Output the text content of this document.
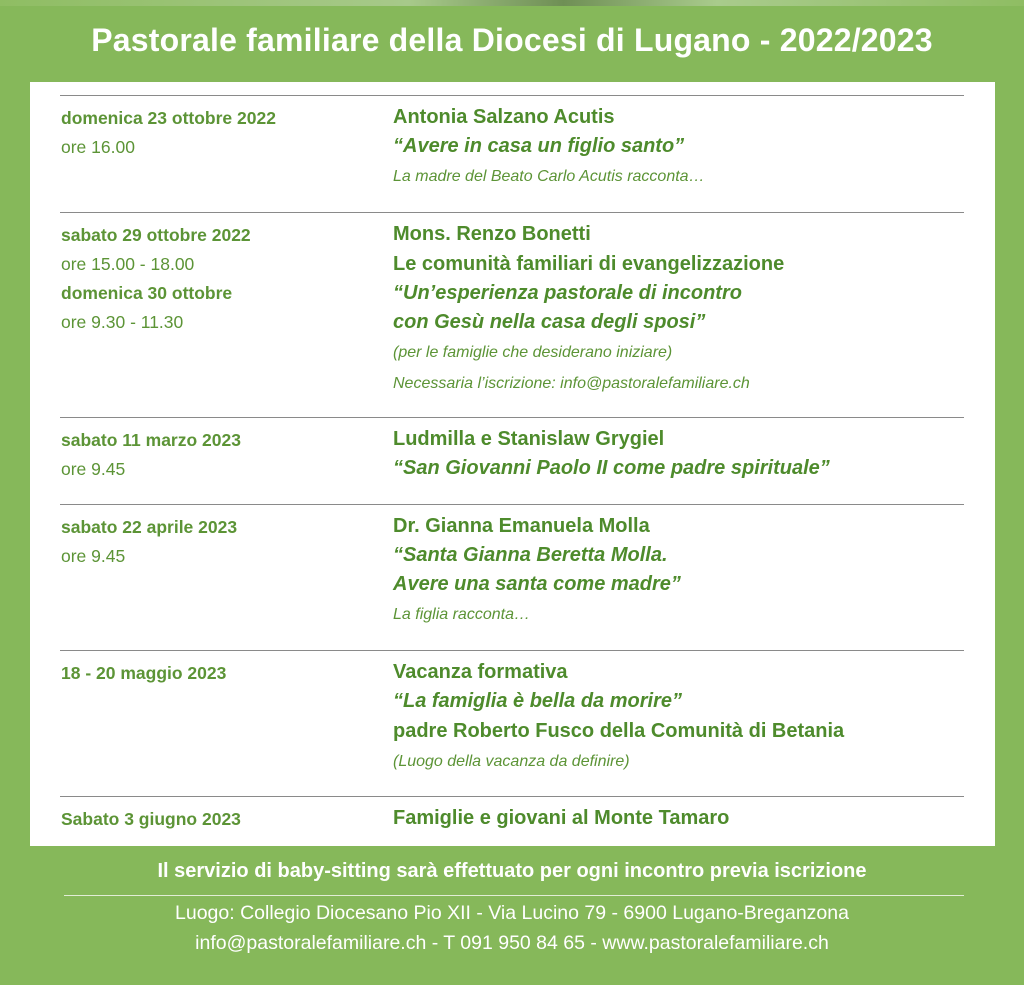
Pastorale familiare della Diocesi di Lugano - 2022/2023
domenica 23 ottobre 2022
ore 16.00
Antonia Salzano Acutis
“Avere in casa un figlio santo”
La madre del Beato Carlo Acutis racconta…
sabato 29 ottobre 2022
ore 15.00 - 18.00
domenica 30 ottobre
ore 9.30 - 11.30
Mons. Renzo Bonetti
Le comunità familiari di evangelizzazione
“Un’esperienza pastorale di incontro
con Gesù nella casa degli sposi”
(per le famiglie che desiderano iniziare)
Necessaria l’iscrizione: info@pastoralefamiliare.ch
sabato 11 marzo 2023
ore 9.45
Ludmilla e Stanislaw Grygiel
“San Giovanni Paolo II come padre spirituale”
sabato 22 aprile 2023
ore 9.45
Dr. Gianna Emanuela Molla
“Santa Gianna Beretta Molla.
Avere una santa come madre”
La figlia racconta…
18 - 20 maggio 2023	Vacanza formativa
“La famiglia è bella da morire”
padre Roberto Fusco della Comunità di Betania
(Luogo della vacanza da definire)
Sabato 3 giugno 2023	Famiglie e giovani al Monte Tamaro
Il servizio di baby-sitting sarà effettuato per ogni incontro previa iscrizione
Luogo: Collegio Diocesano Pio XII - Via Lucino 79 - 6900 Lugano-Breganzona
info@pastoralefamiliare.ch - T 091 950 84 65 - www.pastoralefamiliare.ch
